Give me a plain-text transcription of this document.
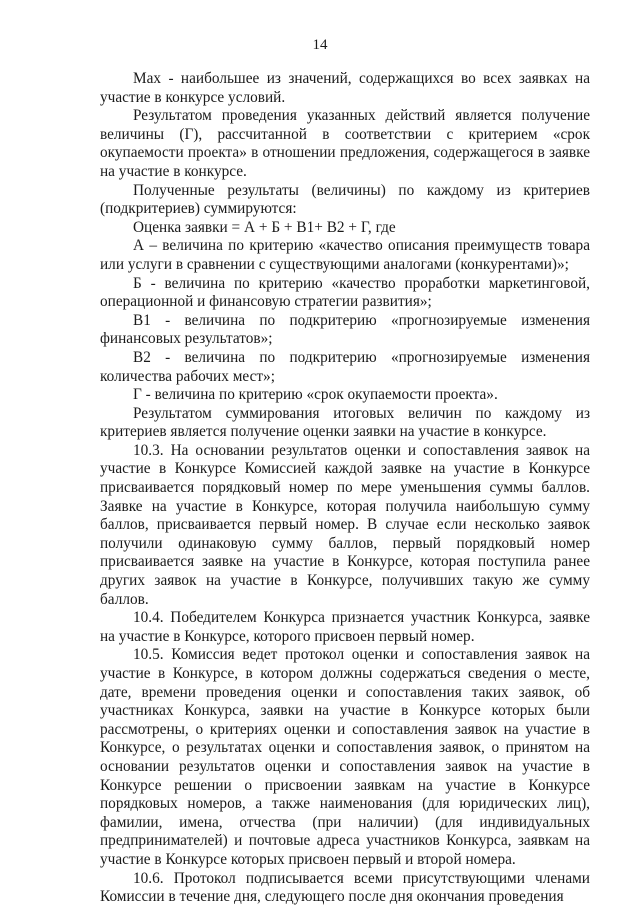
14

Max - наибольшее из значений, содержащихся во всех заявках на участие в конкурсе условий.

Результатом проведения указанных действий является получение величины (Г), рассчитанной в соответствии с критерием «срок окупаемости проекта» в отношении предложения, содержащегося в заявке на участие в конкурсе.

Полученные результаты (величины) по каждому из критериев (подкритериев) суммируются:

Оценка заявки = А + Б + В1+ В2 + Г, где

А – величина по критерию «качество описания преимуществ товара или услуги в сравнении с существующими аналогами (конкурентами)»;

Б - величина по критерию «качество проработки маркетинговой, операционной и финансовую стратегии развития»;

В1 - величина по подкритерию «прогнозируемые изменения финансовых результатов»;

В2 - величина по подкритерию «прогнозируемые изменения количества рабочих мест»;

Г - величина по критерию «срок окупаемости проекта».

Результатом суммирования итоговых величин по каждому из критериев является получение оценки заявки на участие в конкурсе.

10.3. На основании результатов оценки и сопоставления заявок на участие в Конкурсе Комиссией каждой заявке на участие в Конкурсе присваивается порядковый номер по мере уменьшения суммы баллов. Заявке на участие в Конкурсе, которая получила наибольшую сумму баллов, присваивается первый номер. В случае если несколько заявок получили одинаковую сумму баллов, первый порядковый номер присваивается заявке на участие в Конкурсе, которая поступила ранее других заявок на участие в Конкурсе, получивших такую же сумму баллов.

10.4. Победителем Конкурса признается участник Конкурса, заявке на участие в Конкурсе, которого присвоен первый номер.

10.5. Комиссия ведет протокол оценки и сопоставления заявок на участие в Конкурсе, в котором должны содержаться сведения о месте, дате, времени проведения оценки и сопоставления таких заявок, об участниках Конкурса, заявки на участие в Конкурсе которых были рассмотрены, о критериях оценки и сопоставления заявок на участие в Конкурсе, о результатах оценки и сопоставления заявок, о принятом на основании результатов оценки и сопоставления заявок на участие в Конкурсе решении о присвоении заявкам на участие в Конкурсе порядковых номеров, а также наименования (для юридических лиц), фамилии, имена, отчества (при наличии) (для индивидуальных предпринимателей) и почтовые адреса участников Конкурса, заявкам на участие в Конкурсе которых присвоен первый и второй номера.

10.6. Протокол подписывается всеми присутствующими членами Комиссии в течение дня, следующего после дня окончания проведения
